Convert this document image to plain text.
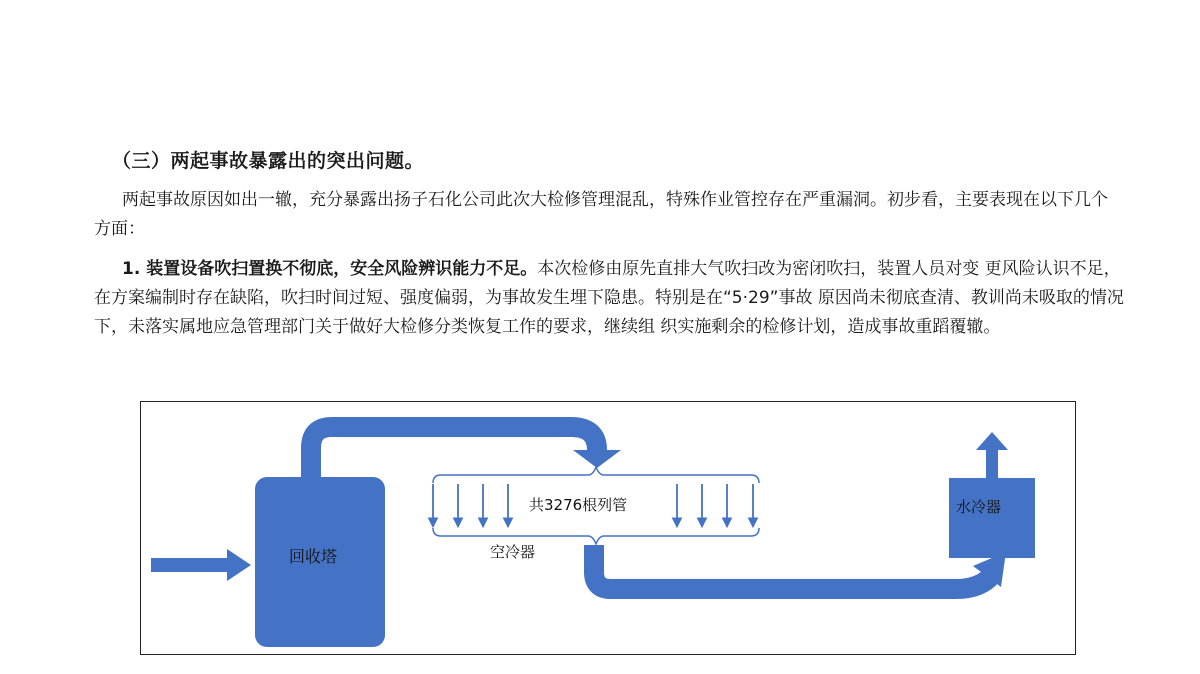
（三）两起事故暴露出的突出问题。

两起事故原因如出一辙，充分暴露出扬子石化公司此次大检修管理混乱，特殊作业管控存在严重漏洞。初步看，主要表现在以下几个方面：

1. 装置设备吹扫置换不彻底，安全风险辨识能力不足。本次检修由原先直排大气吹扫改为密闭吹扫，装置人员对变 更风险认识不足，在方案编制时存在缺陷，吹扫时间过短、强度偏弱，为事故发生埋下隐患。特别是在“5·29”事故 原因尚未彻底查清、教训尚未吸取的情况下，未落实属地应急管理部门关于做好大检修分类恢复工作的要求，继续组 织实施剩余的检修计划，造成事故重蹈覆辙。

回收塔
共3276根列管
空冷器
水冷器
